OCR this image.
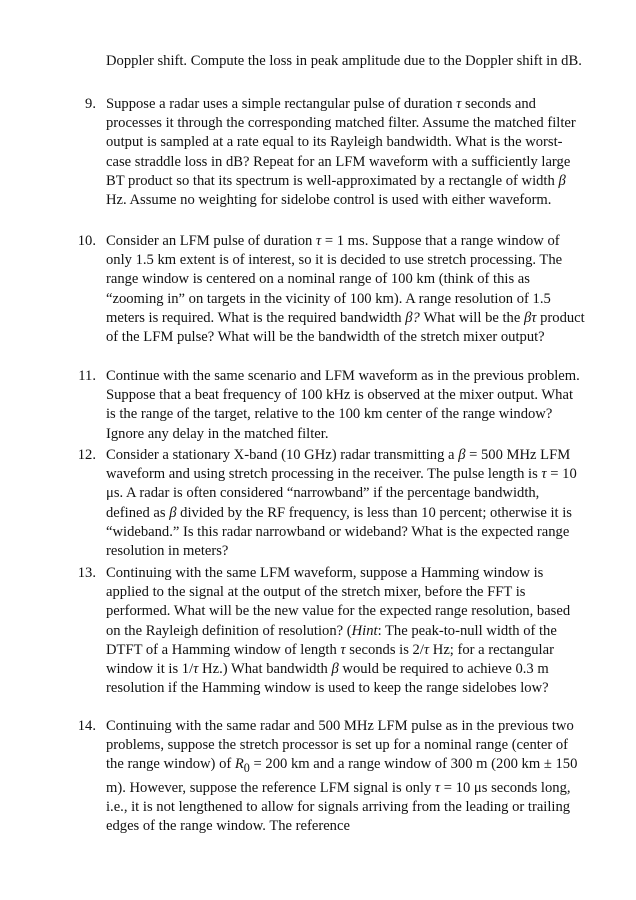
Doppler shift. Compute the loss in peak amplitude due to the Doppler shift in dB.

9. Suppose a radar uses a simple rectangular pulse of duration τ seconds and processes it through the corresponding matched filter. Assume the matched filter output is sampled at a rate equal to its Rayleigh bandwidth. What is the worst-case straddle loss in dB? Repeat for an LFM waveform with a sufficiently large BT product so that its spectrum is well-approximated by a rectangle of width β Hz. Assume no weighting for sidelobe control is used with either waveform.

10. Consider an LFM pulse of duration τ = 1 ms. Suppose that a range window of only 1.5 km extent is of interest, so it is decided to use stretch processing. The range window is centered on a nominal range of 100 km (think of this as “zooming in” on targets in the vicinity of 100 km). A range resolution of 1.5 meters is required. What is the required bandwidth β? What will be the βτ product of the LFM pulse? What will be the bandwidth of the stretch mixer output?

11. Continue with the same scenario and LFM waveform as in the previous problem. Suppose that a beat frequency of 100 kHz is observed at the mixer output. What is the range of the target, relative to the 100 km center of the range window? Ignore any delay in the matched filter.

12. Consider a stationary X-band (10 GHz) radar transmitting a β = 500 MHz LFM waveform and using stretch processing in the receiver. The pulse length is τ = 10 μs. A radar is often considered “narrowband” if the percentage bandwidth, defined as β divided by the RF frequency, is less than 10 percent; otherwise it is “wideband.” Is this radar narrowband or wideband? What is the expected range resolution in meters?

13. Continuing with the same LFM waveform, suppose a Hamming window is applied to the signal at the output of the stretch mixer, before the FFT is performed. What will be the new value for the expected range resolution, based on the Rayleigh definition of resolution? (Hint: The peak-to-null width of the DTFT of a Hamming window of length τ seconds is 2/τ Hz; for a rectangular window it is 1/τ Hz.) What bandwidth β would be required to achieve 0.3 m resolution if the Hamming window is used to keep the range sidelobes low?

14. Continuing with the same radar and 500 MHz LFM pulse as in the previous two problems, suppose the stretch processor is set up for a nominal range (center of the range window) of $R_0 = 200$ km and a range window of 300 m (200 km ± 150 m). However, suppose the reference LFM signal is only τ = 10 μs seconds long, i.e., it is not lengthened to allow for signals arriving from the leading or trailing edges of the range window. The reference
